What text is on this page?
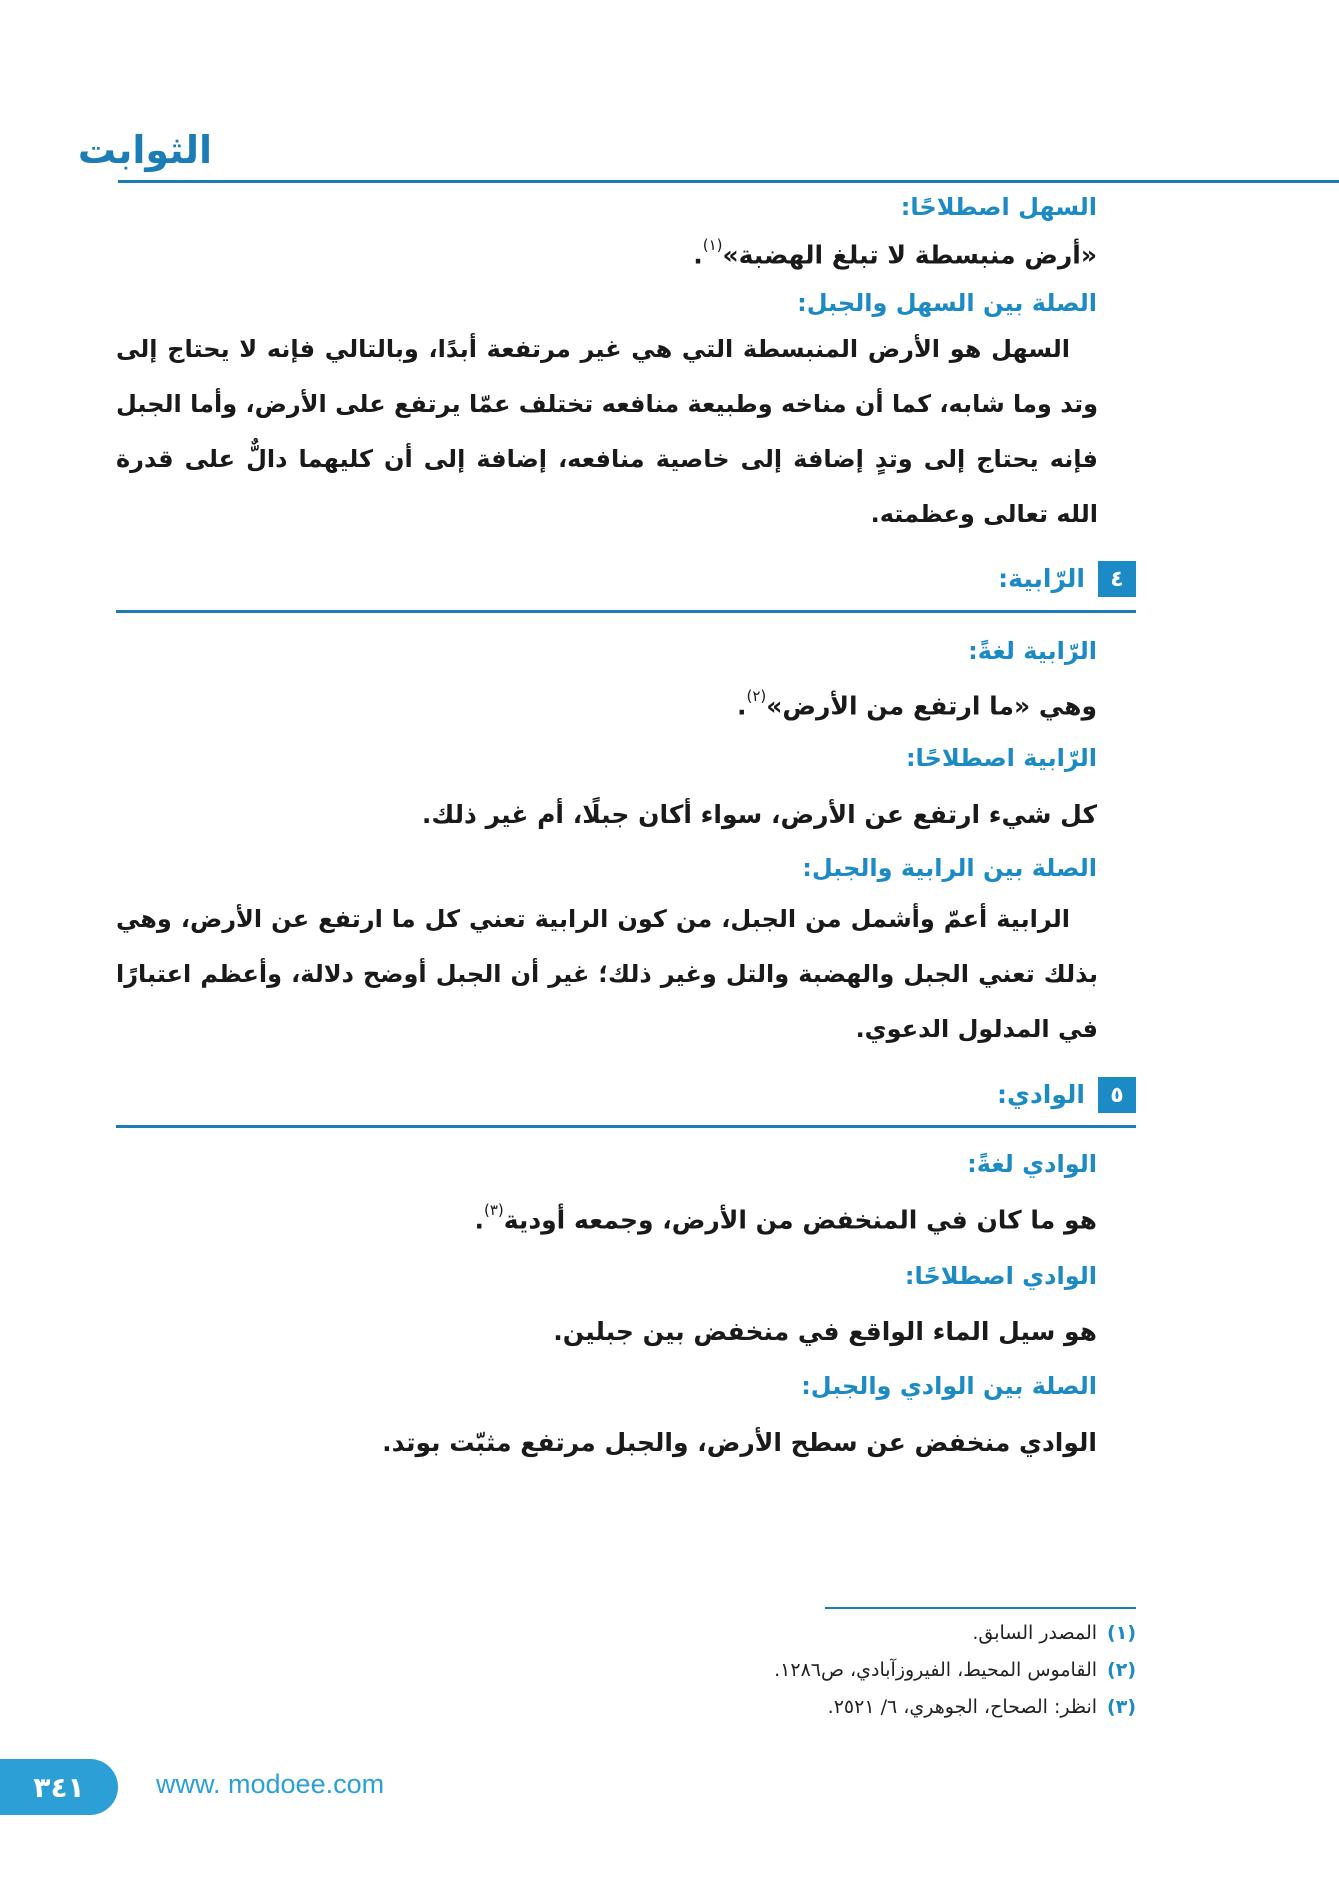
الثوابت
السهل اصطلاحًا:
«أرض منبسطة لا تبلغ الهضبة»$^{(١)}$.
الصلة بين السهل والجبل:

السهل هو الأرض المنبسطة التي هي غير مرتفعة أبدًا، وبالتالي فإنه لا يحتاج إلى وتد وما شابه، كما أن مناخه وطبيعة منافعه تختلف عمّا يرتفع على الأرض، وأما الجبل فإنه يحتاج إلى وتدٍ إضافة إلى خاصية منافعه، إضافة إلى أن كليهما دالٌّ على قدرة الله تعالى وعظمته.

٤
الرّابية:
الرّابية لغةً:
وهي «ما ارتفع من الأرض»$^{(٢)}$.
الرّابية اصطلاحًا:
كل شيء ارتفع عن الأرض، سواء أكان جبلًا، أم غير ذلك.
الصلة بين الرابية والجبل:

الرابية أعمّ وأشمل من الجبل، من كون الرابية تعني كل ما ارتفع عن الأرض، وهي بذلك تعني الجبل والهضبة والتل وغير ذلك؛ غير أن الجبل أوضح دلالة، وأعظم اعتبارًا في المدلول الدعوي.

٥
الوادي:
الوادي لغةً:
هو ما كان في المنخفض من الأرض، وجمعه أودية$^{(٣)}$.
الوادي اصطلاحًا:
هو سيل الماء الواقع في منخفض بين جبلين.
الصلة بين الوادي والجبل:
الوادي منخفض عن سطح الأرض، والجبل مرتفع مثبّت بوتد.
(١)المصدر السابق.
(٢)القاموس المحيط، الفيروزآبادي، ص١٢٨٦.
(٣)انظر: الصحاح، الجوهري، ٦/ ٢٥٢١.
٣٤١	www. modoee.com
